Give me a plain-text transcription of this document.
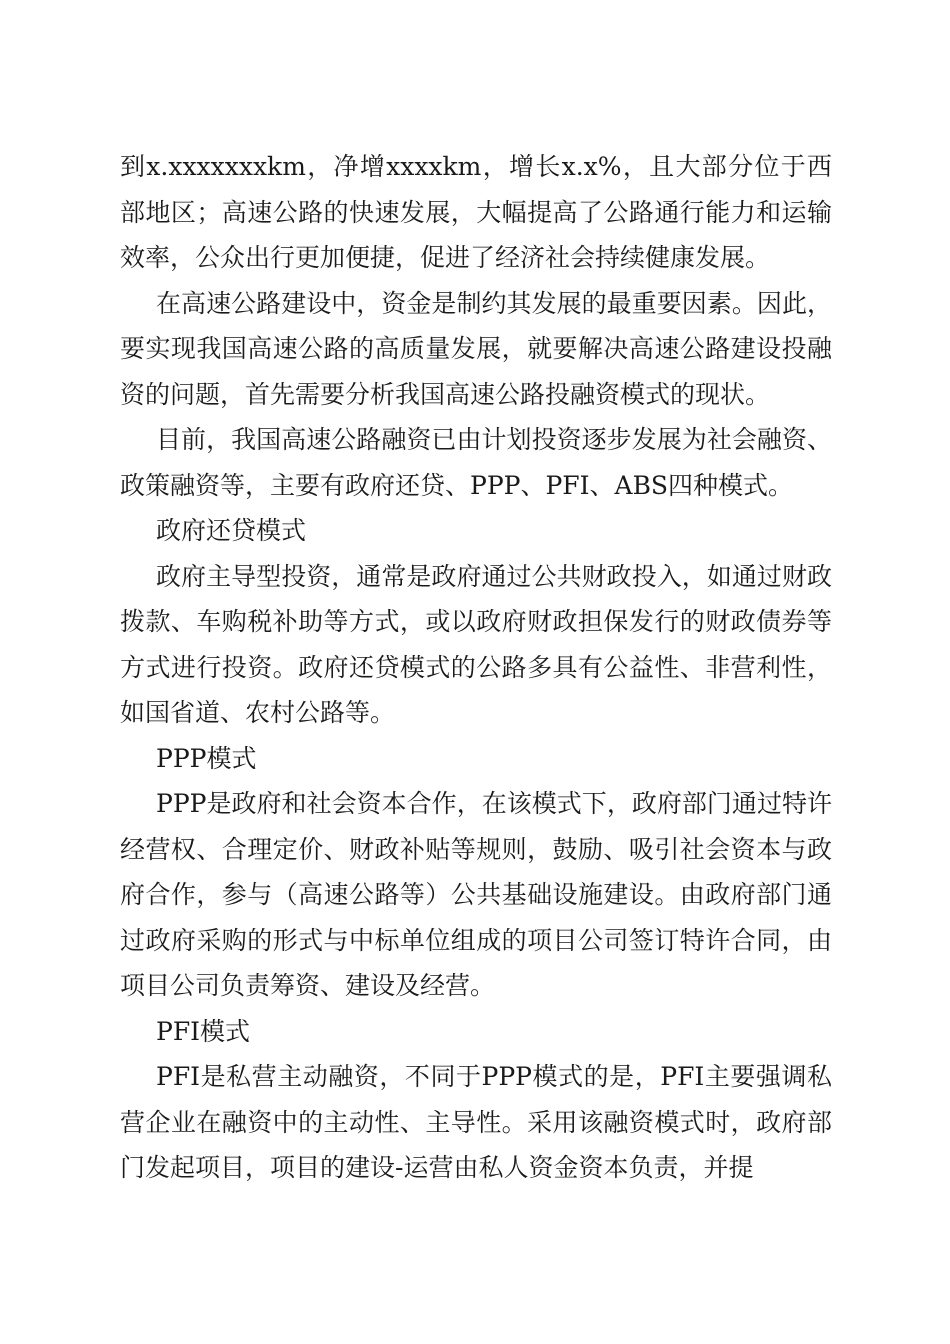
到x.xxxxxxxkm，净增xxxxkm，增长x.x%，且大部分位于西部地区；高速公路的快速发展，大幅提高了公路通行能力和运输效率，公众出行更加便捷，促进了经济社会持续健康发展。

在高速公路建设中，资金是制约其发展的最重要因素。因此，要实现我国高速公路的高质量发展，就要解决高速公路建设投融资的问题，首先需要分析我国高速公路投融资模式的现状。

目前，我国高速公路融资已由计划投资逐步发展为社会融资、政策融资等，主要有政府还贷、PPP、PFI、ABS四种模式。

政府还贷模式

政府主导型投资，通常是政府通过公共财政投入，如通过财政拨款、车购税补助等方式，或以政府财政担保发行的财政债券等方式进行投资。政府还贷模式的公路多具有公益性、非营利性，如国省道、农村公路等。

PPP模式

PPP是政府和社会资本合作，在该模式下，政府部门通过特许经营权、合理定价、财政补贴等规则，鼓励、吸引社会资本与政府合作，参与（高速公路等）公共基础设施建设。由政府部门通过政府采购的形式与中标单位组成的项目公司签订特许合同，由项目公司负责筹资、建设及经营。

PFI模式

PFI是私营主动融资，不同于PPP模式的是，PFI主要强调私营企业在融资中的主动性、主导性。采用该融资模式时，政府部门发起项目，项目的建设-运营由私人资金资本负责，并提
